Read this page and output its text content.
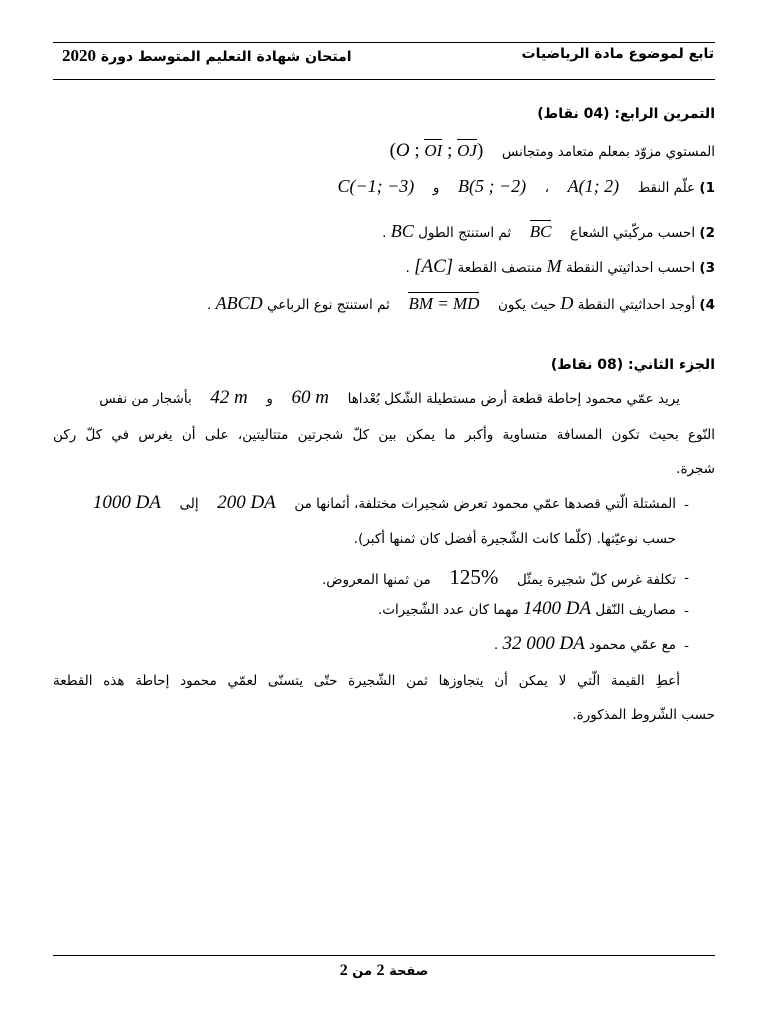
تابع لموضوع مادة الرياضيات
امتحان شهادة التعليم المتوسط دورة 2020
التمرين الرابع: (04 نقاط)
المستوي مزوّد بمعلم متعامد ومتجانس  (O ; OI ; OJ)
1) علّم النقط  A(1; 2)  ،  B(5 ; −2)  و  C(−1; −3)
2) احسب مركّبتي الشعاع  BC  ثم استنتج الطول BC .
3) احسب احداثيتي النقطة M منتصف القطعة [AC] .
4) أوجد احداثيتي النقطة D حيث يكون  BM = MD  ثم استنتج نوع الرباعي ABCD .
الجزء الثاني: (08 نقاط)
يريد عمّي محمود إحاطة قطعة أرض مستطيلة الشّكل بُعْداها  60 m  و  42 m  بأشجار من نفس
النّوع بحيث تكون المسافة متساوية وأكبر ما يمكن بين كلّ شجرتين متتاليتين، على أن يغرس في كلّ ركن
شجرة.
-
المشتلة الّتي قصدها عمّي محمود تعرض شجيرات مختلفة، أثمانها من  200 DA  إلى  1000 DA
حسب نوعيّتها. (كلّما كانت الشّجيرة أفضل كان ثمنها أكبر).
-
تكلفة غرس كلّ شجيرة يمثّل  125%  من ثمنها المعروض.
-
مصاريف النّقل 1400 DA مهما كان عدد الشّجيرات.
-
مع عمّي محمود 32 000 DA .
أعطِ القيمة الّتي لا يمكن أن يتجاوزها ثمن الشّجيرة حتّى يتسنّى لعمّي محمود إحاطة هذه القطعة
حسب الشّروط المذكورة.
صفحة 2 من 2
